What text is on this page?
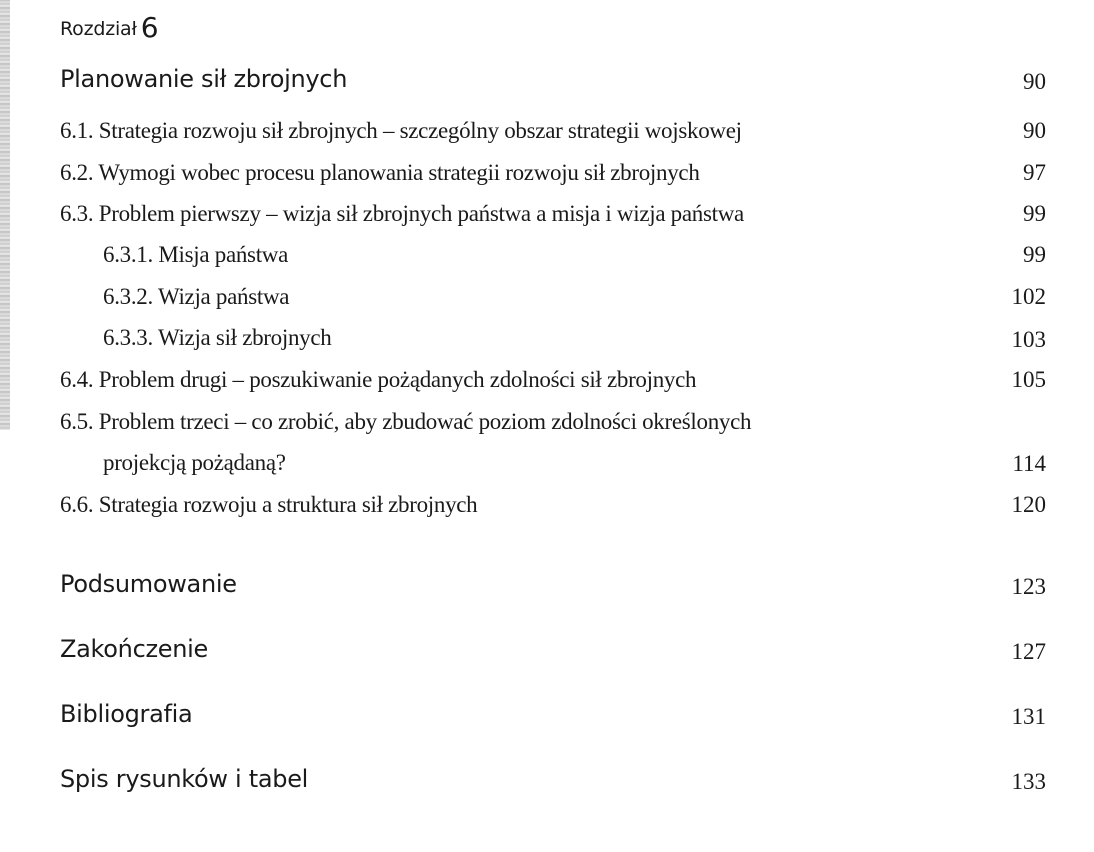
Rozdział 6
Planowanie sił zbrojnych	90
6.1. Strategia rozwoju sił zbrojnych – szczególny obszar strategii wojskowej	90
6.2. Wymogi wobec procesu planowania strategii rozwoju sił zbrojnych	97
6.3. Problem pierwszy – wizja sił zbrojnych państwa a misja i wizja państwa	99
6.3.1. Misja państwa	99
6.3.2. Wizja państwa	102
6.3.3. Wizja sił zbrojnych	103
6.4. Problem drugi – poszukiwanie pożądanych zdolności sił zbrojnych	105
6.5. Problem trzeci – co zrobić, aby zbudować poziom zdolności określonych
projekcją pożądaną?	114
6.6. Strategia rozwoju a struktura sił zbrojnych	120
Podsumowanie	123
Zakończenie	127
Bibliografia	131
Spis rysunków i tabel	133
